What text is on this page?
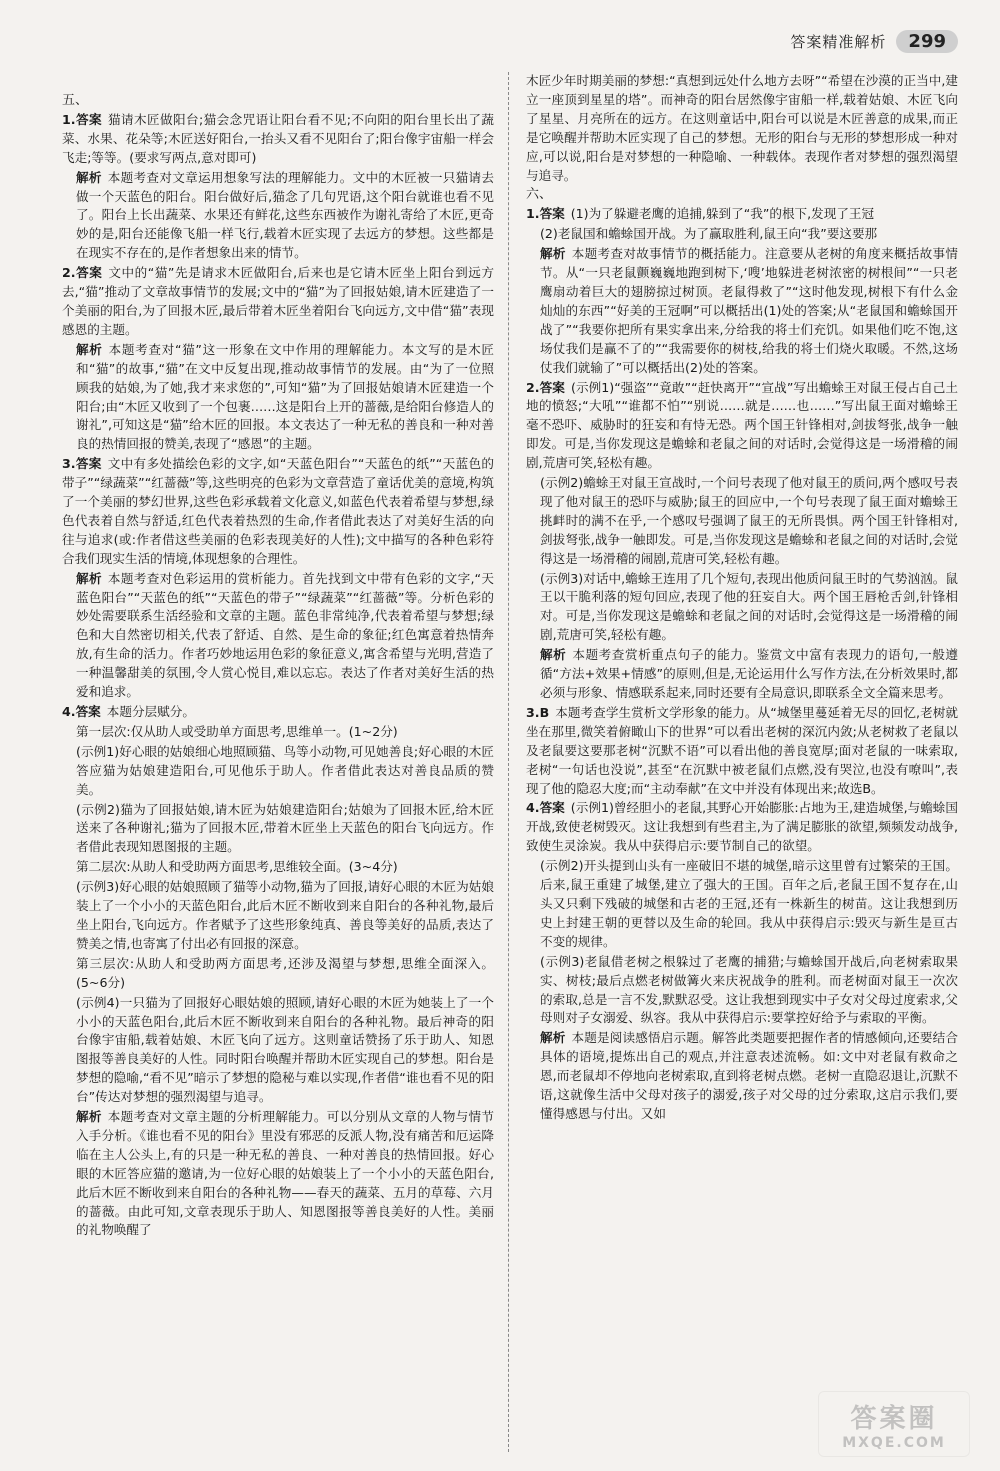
答案精准解析	299

五、

1.答案 猫请木匠做阳台;猫会念咒语让阳台看不见;不向阳的阳台里长出了蔬菜、水果、花朵等;木匠送好阳台,一抬头又看不见阳台了;阳台像宇宙船一样会飞走;等等。(要求写两点,意对即可)

解析 本题考查对文章运用想象写法的理解能力。文中的木匠被一只猫请去做一个天蓝色的阳台。阳台做好后,猫念了几句咒语,这个阳台就谁也看不见了。阳台上长出蔬菜、水果还有鲜花,这些东西被作为谢礼寄给了木匠,更奇妙的是,阳台还能像飞船一样飞行,载着木匠实现了去远方的梦想。这些都是在现实不存在的,是作者想象出来的情节。

2.答案 文中的“猫”先是请求木匠做阳台,后来也是它请木匠坐上阳台到远方去,“猫”推动了文章故事情节的发展;文中的“猫”为了回报姑娘,请木匠建造了一个美丽的阳台,为了回报木匠,最后带着木匠坐着阳台飞向远方,文中借“猫”表现感恩的主题。

解析 本题考查对“猫”这一形象在文中作用的理解能力。本文写的是木匠和“猫”的故事,“猫”在文中反复出现,推动故事情节的发展。由“为了一位照顾我的姑娘,为了她,我才来求您的”,可知“猫”为了回报姑娘请木匠建造一个阳台;由“木匠又收到了一个包裹……这是阳台上开的蔷薇,是给阳台修造人的谢礼”,可知这是“猫”给木匠的回报。本文表达了一种无私的善良和一种对善良的热情回报的赞美,表现了“感恩”的主题。

3.答案 文中有多处描绘色彩的文字,如“天蓝色阳台”“天蓝色的纸”“天蓝色的带子”“绿蔬菜”“红蔷薇”等,这些明亮的色彩为文章营造了童话优美的意境,构筑了一个美丽的梦幻世界,这些色彩承载着文化意义,如蓝色代表着希望与梦想,绿色代表着自然与舒适,红色代表着热烈的生命,作者借此表达了对美好生活的向往与追求(或:作者借这些美丽的色彩表现美好的人性);文中描写的各种色彩符合我们现实生活的情境,体现想象的合理性。

解析 本题考查对色彩运用的赏析能力。首先找到文中带有色彩的文字,“天蓝色阳台”“天蓝色的纸”“天蓝色的带子”“绿蔬菜”“红蔷薇”等。分析色彩的妙处需要联系生活经验和文章的主题。蓝色非常纯净,代表着希望与梦想;绿色和大自然密切相关,代表了舒适、自然、是生命的象征;红色寓意着热情奔放,有生命的活力。作者巧妙地运用色彩的象征意义,寓含希望与光明,营造了一种温馨甜美的氛围,令人赏心悦目,难以忘忘。表达了作者对美好生活的热爱和追求。

4.答案 本题分层赋分。

第一层次:仅从助人或受助单方面思考,思维单一。(1~2分)

(示例1)好心眼的姑娘细心地照顾猫、鸟等小动物,可见她善良;好心眼的木匠答应猫为姑娘建造阳台,可见他乐于助人。作者借此表达对善良品质的赞美。

(示例2)猫为了回报姑娘,请木匠为姑娘建造阳台;姑娘为了回报木匠,给木匠送来了各种谢礼;猫为了回报木匠,带着木匠坐上天蓝色的阳台飞向远方。作者借此表现知恩图报的主题。

第二层次:从助人和受助两方面思考,思维较全面。(3~4分)

(示例3)好心眼的姑娘照顾了猫等小动物,猫为了回报,请好心眼的木匠为姑娘装上了一个小小的天蓝色阳台,此后木匠不断收到来自阳台的各种礼物,最后坐上阳台,飞向远方。作者赋予了这些形象纯真、善良等美好的品质,表达了赞美之情,也寄寓了付出必有回报的深意。

第三层次:从助人和受助两方面思考,还涉及渴望与梦想,思维全面深入。(5~6分)

(示例4)一只猫为了回报好心眼姑娘的照顾,请好心眼的木匠为她装上了一个小小的天蓝色阳台,此后木匠不断收到来自阳台的各种礼物。最后神奇的阳台像宇宙船,载着姑娘、木匠飞向了远方。这则童话赞扬了乐于助人、知恩图报等善良美好的人性。同时阳台唤醒并帮助木匠实现自己的梦想。阳台是梦想的隐喻,“看不见”暗示了梦想的隐秘与难以实现,作者借“谁也看不见的阳台”传达对梦想的强烈渴望与追寻。

解析 本题考查对文章主题的分析理解能力。可以分别从文章的人物与情节入手分析。《谁也看不见的阳台》里没有邪恶的反派人物,没有痛苦和厄运降临在主人公头上,有的只是一种无私的善良、一种对善良的热情回报。好心眼的木匠答应猫的邀请,为一位好心眼的姑娘装上了一个小小的天蓝色阳台,此后木匠不断收到来自阳台的各种礼物——春天的蔬菜、五月的草莓、六月的蔷薇。由此可知,文章表现乐于助人、知恩图报等善良美好的人性。美丽的礼物唤醒了

木匠少年时期美丽的梦想:“真想到远处什么地方去呀”“希望在沙漠的正当中,建立一座顶到星星的塔”。而神奇的阳台居然像宇宙船一样,载着姑娘、木匠飞向了星星、月亮所在的远方。在这则童话中,阳台可以说是木匠善意的成果,而正是它唤醒并帮助木匠实现了自己的梦想。无形的阳台与无形的梦想形成一种对应,可以说,阳台是对梦想的一种隐喻、一种载体。表现作者对梦想的强烈渴望与追寻。

六、

1.答案 (1)为了躲避老鹰的追捕,躲到了“我”的根下,发现了王冠

(2)老鼠国和蟾蜍国开战。为了赢取胜利,鼠王向“我”要这要那

解析 本题考查对故事情节的概括能力。注意要从老树的角度来概括故事情节。从“一只老鼠颤巍巍地跑到树下,‘嗖’地躲进老树浓密的树根间”“一只老鹰扇动着巨大的翅膀掠过树顶。老鼠得救了”“这时他发现,树根下有什么金灿灿的东西”“好美的王冠啊”可以概括出(1)处的答案;从“老鼠国和蟾蜍国开战了”“我要你把所有果实拿出来,分给我的将士们充饥。如果他们吃不饱,这场仗我们是赢不了的”“我需要你的树枝,给我的将士们烧火取暖。不然,这场仗我们就输了”可以概括出(2)处的答案。

2.答案 (示例1)“强盗”“竟敢”“赶快离开”“宣战”写出蟾蜍王对鼠王侵占自己土地的愤怒;“大吼”“谁都不怕”“别说……就是……也……”写出鼠王面对蟾蜍王毫不恐吓、威胁时的狂妄和有恃无恐。两个国王针锋相对,剑拔弩张,战争一触即发。可是,当你发现这是蟾蜍和老鼠之间的对话时,会觉得这是一场滑稽的闹剧,荒唐可笑,轻松有趣。

(示例2)蟾蜍王对鼠王宣战时,一个问号表现了他对鼠王的质问,两个感叹号表现了他对鼠王的恐吓与威胁;鼠王的回应中,一个句号表现了鼠王面对蟾蜍王挑衅时的满不在乎,一个感叹号强调了鼠王的无所畏惧。两个国王针锋相对,剑拔弩张,战争一触即发。可是,当你发现这是蟾蜍和老鼠之间的对话时,会觉得这是一场滑稽的闹剧,荒唐可笑,轻松有趣。

(示例3)对话中,蟾蜍王连用了几个短句,表现出他质问鼠王时的气势汹汹。鼠王以干脆利落的短句回应,表现了他的狂妄自大。两个国王唇枪舌剑,针锋相对。可是,当你发现这是蟾蜍和老鼠之间的对话时,会觉得这是一场滑稽的闹剧,荒唐可笑,轻松有趣。

解析 本题考查赏析重点句子的能力。鉴赏文中富有表现力的语句,一般遵循“方法+效果+情感”的原则,但是,无论运用什么写作方法,在分析效果时,都必须与形象、情感联系起来,同时还要有全局意识,即联系全文全篇来思考。

3.B 本题考查学生赏析文学形象的能力。从“城堡里蔓延着无尽的回忆,老树就坐在那里,微笑着俯瞰山下的世界”可以看出老树的深沉内敛;从老树救了老鼠以及老鼠要这要那老树“沉默不语”可以看出他的善良宽厚;面对老鼠的一味索取,老树“一句话也没说”,甚至“在沉默中被老鼠们点燃,没有哭泣,也没有嘹叫”,表现了他的隐忍大度;而“主动奉献”在文中并没有体现出来;故选B。

4.答案 (示例1)曾经胆小的老鼠,其野心开始膨胀:占地为王,建造城堡,与蟾蜍国开战,致使老树毁灭。这让我想到有些君主,为了满足膨胀的欲望,频频发动战争,致使生灵涂炭。我从中获得启示:要节制自己的欲望。

(示例2)开头提到山头有一座破旧不堪的城堡,暗示这里曾有过繁荣的王国。后来,鼠王重建了城堡,建立了强大的王国。百年之后,老鼠王国不复存在,山头又只剩下残破的城堡和古老的王冠,还有一株新生的树苗。这让我想到历史上封建王朝的更替以及生命的轮回。我从中获得启示:毁灭与新生是亘古不变的规律。

(示例3)老鼠借老树之根躲过了老鹰的捕猎;与蟾蜍国开战后,向老树索取果实、树枝;最后点燃老树做篝火来庆祝战争的胜利。而老树面对鼠王一次次的索取,总是一言不发,默默忍受。这让我想到现实中子女对父母过度索求,父母则对子女溺爱、纵容。我从中获得启示:要掌控好给予与索取的平衡。

解析 本题是阅读感悟启示题。解答此类题要把握作者的情感倾向,还要结合具体的语境,提炼出自己的观点,并注意表述流畅。如:文中对老鼠有救命之恩,而老鼠却不停地向老树索取,直到将老树点燃。老树一直隐忍退让,沉默不语,这就像生活中父母对孩子的溺爱,孩子对父母的过分索取,这启示我们,要懂得感恩与付出。又如

答案圈
MXQE.COM
